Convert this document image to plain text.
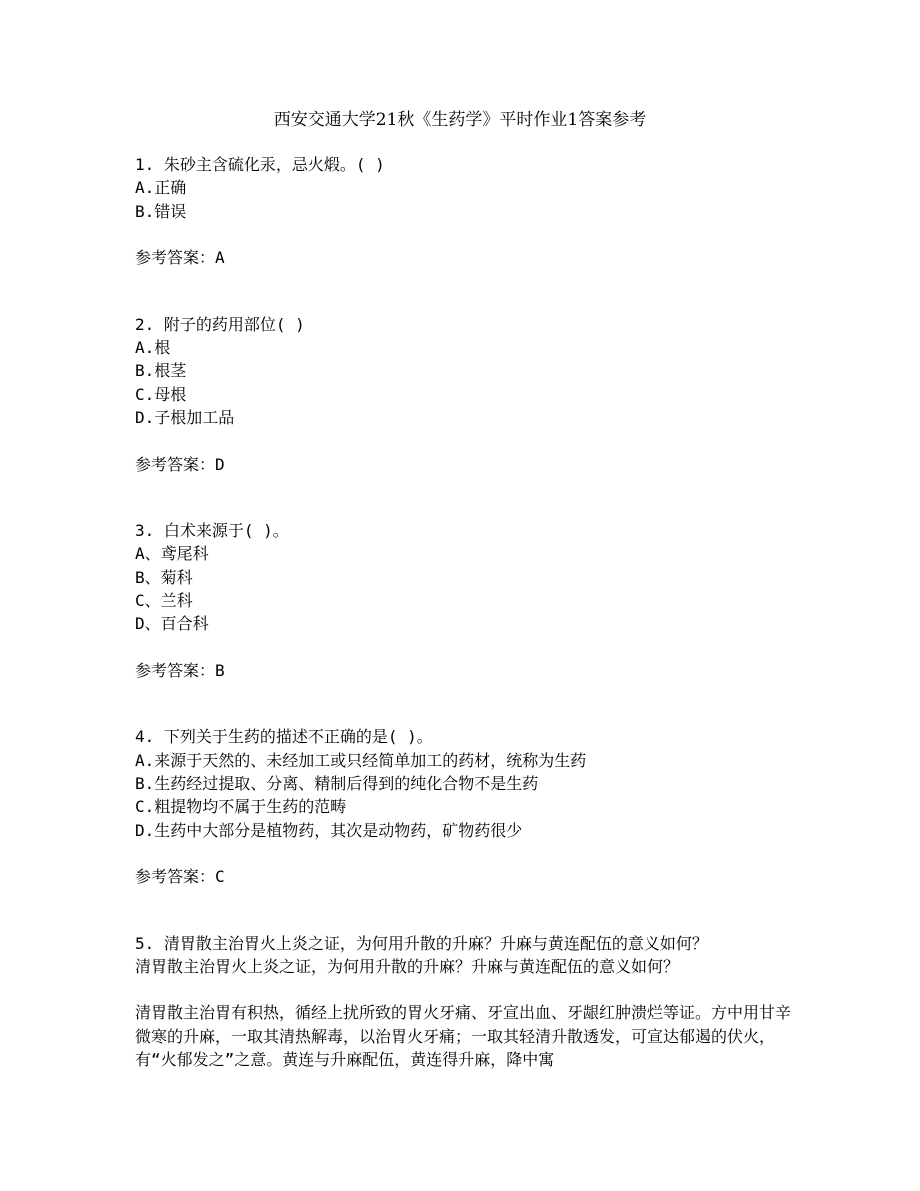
西安交通大学21秋《生药学》平时作业1答案参考
1. 朱砂主含硫化汞，忌火煅。( )
A.正确
B.错误
参考答案：A
2. 附子的药用部位( )
A.根
B.根茎
C.母根
D.子根加工品
参考答案：D
3. 白术来源于( )。
A、鸢尾科
B、菊科
C、兰科
D、百合科
参考答案：B
4. 下列关于生药的描述不正确的是( )。
A.来源于天然的、未经加工或只经简单加工的药材，统称为生药
B.生药经过提取、分离、精制后得到的纯化合物不是生药
C.粗提物均不属于生药的范畴
D.生药中大部分是植物药，其次是动物药，矿物药很少
参考答案：C
5. 清胃散主治胃火上炎之证，为何用升散的升麻？升麻与黄连配伍的意义如何？
清胃散主治胃火上炎之证，为何用升散的升麻？升麻与黄连配伍的意义如何？
清胃散主治胃有积热，循经上扰所致的胃火牙痛、牙宣出血、牙龈红肿溃烂等证。方中用甘辛微寒的升麻，一取其清热解毒，以治胃火牙痛；一取其轻清升散透发，可宣达郁遏的伏火，有“火郁发之”之意。黄连与升麻配伍，黄连得升麻，降中寓
